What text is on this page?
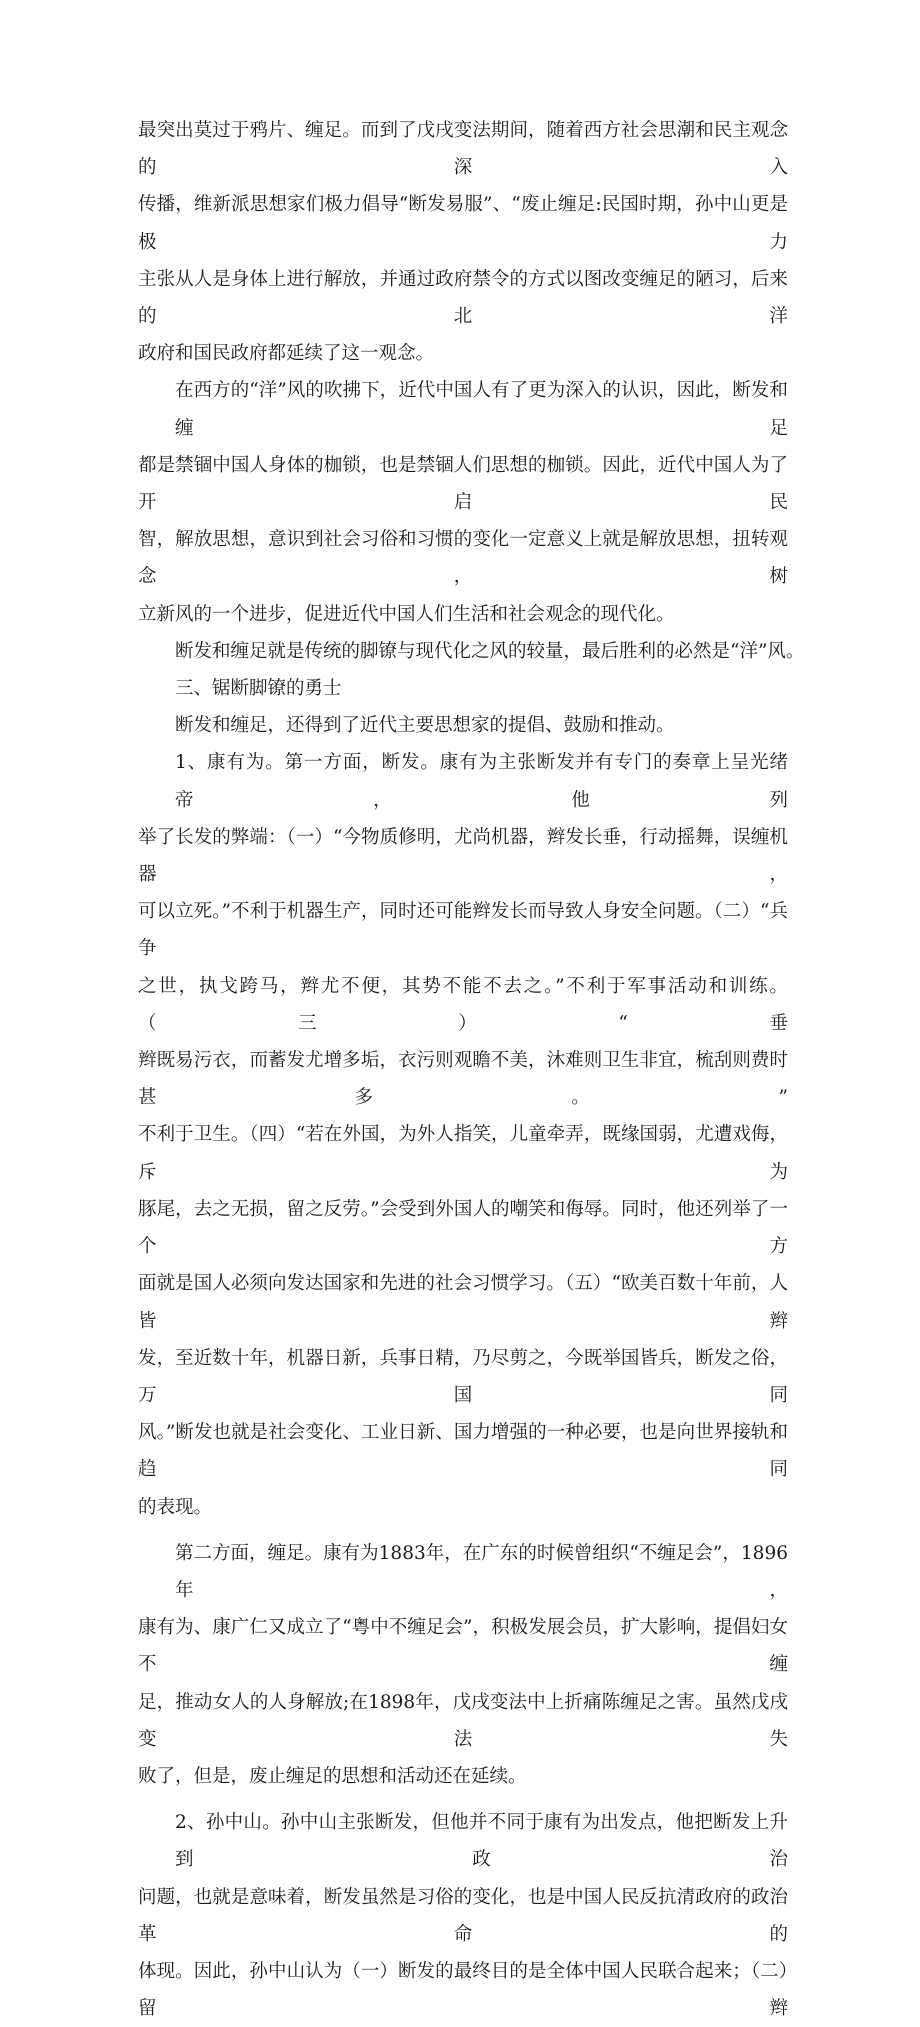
最突出莫过于鸦片、缠足。而到了戊戌变法期间，随着西方社会思潮和民主观念的深入
传播，维新派思想家们极力倡导“断发易服”、“废止缠足:民国时期，孙中山更是极力
主张从人是身体上进行解放，并通过政府禁令的方式以图改变缠足的陋习，后来的北洋
政府和国民政府都延续了这一观念。
在西方的“洋”风的吹拂下，近代中国人有了更为深入的认识，因此，断发和缠足
都是禁锢中国人身体的枷锁，也是禁锢人们思想的枷锁。因此，近代中国人为了开启民
智，解放思想，意识到社会习俗和习惯的变化一定意义上就是解放思想，扭转观念，树
立新风的一个进步，促进近代中国人们生活和社会观念的现代化。
断发和缠足就是传统的脚镣与现代化之风的较量，最后胜利的必然是“洋”风。
三、锯断脚镣的勇士
断发和缠足，还得到了近代主要思想家的提倡、鼓励和推动。
1、康有为。第一方面，断发。康有为主张断发并有专门的奏章上呈光绪帝，他列
举了长发的弊端：（一）“今物质修明，尤尚机器，辫发长垂，行动摇舞，误缠机器，
可以立死。”不利于机器生产，同时还可能辫发长而导致人身安全问题。（二）“兵争
之世，执戈跨马，辫尤不便，其势不能不去之。”不利于军事活动和训练。（三）“垂
辫既易污衣，而蓄发尤增多垢，衣污则观瞻不美，沐难则卫生非宜，梳刮则费时甚多。”
不利于卫生。（四）“若在外国，为外人指笑，儿童牵弄，既缘国弱，尤遭戏侮，斥为
豚尾，去之无损，留之反劳。”会受到外国人的嘲笑和侮辱。同时，他还列举了一个方
面就是国人必须向发达国家和先进的社会习惯学习。（五）“欧美百数十年前，人皆辫
发，至近数十年，机器日新，兵事日精，乃尽剪之，今既举国皆兵，断发之俗，万国同
风。”断发也就是社会变化、工业日新、国力增强的一种必要，也是向世界接轨和趋同
的表现。
第二方面，缠足。康有为1883年，在广东的时候曾组织“不缠足会”，1896年，
康有为、康广仁又成立了“粤中不缠足会”，积极发展会员，扩大影响，提倡妇女不缠
足，推动女人的人身解放;在1898年，戊戌变法中上折痛陈缠足之害。虽然戊戌变法失
败了，但是，废止缠足的思想和活动还在延续。
2、孙中山。孙中山主张断发，但他并不同于康有为出发点，他把断发上升到政治
问题，也就是意味着，断发虽然是习俗的变化，也是中国人民反抗清政府的政治革命的
体现。因此，孙中山认为（一）断发的最终目的是全体中国人民联合起来；（二）留辫
